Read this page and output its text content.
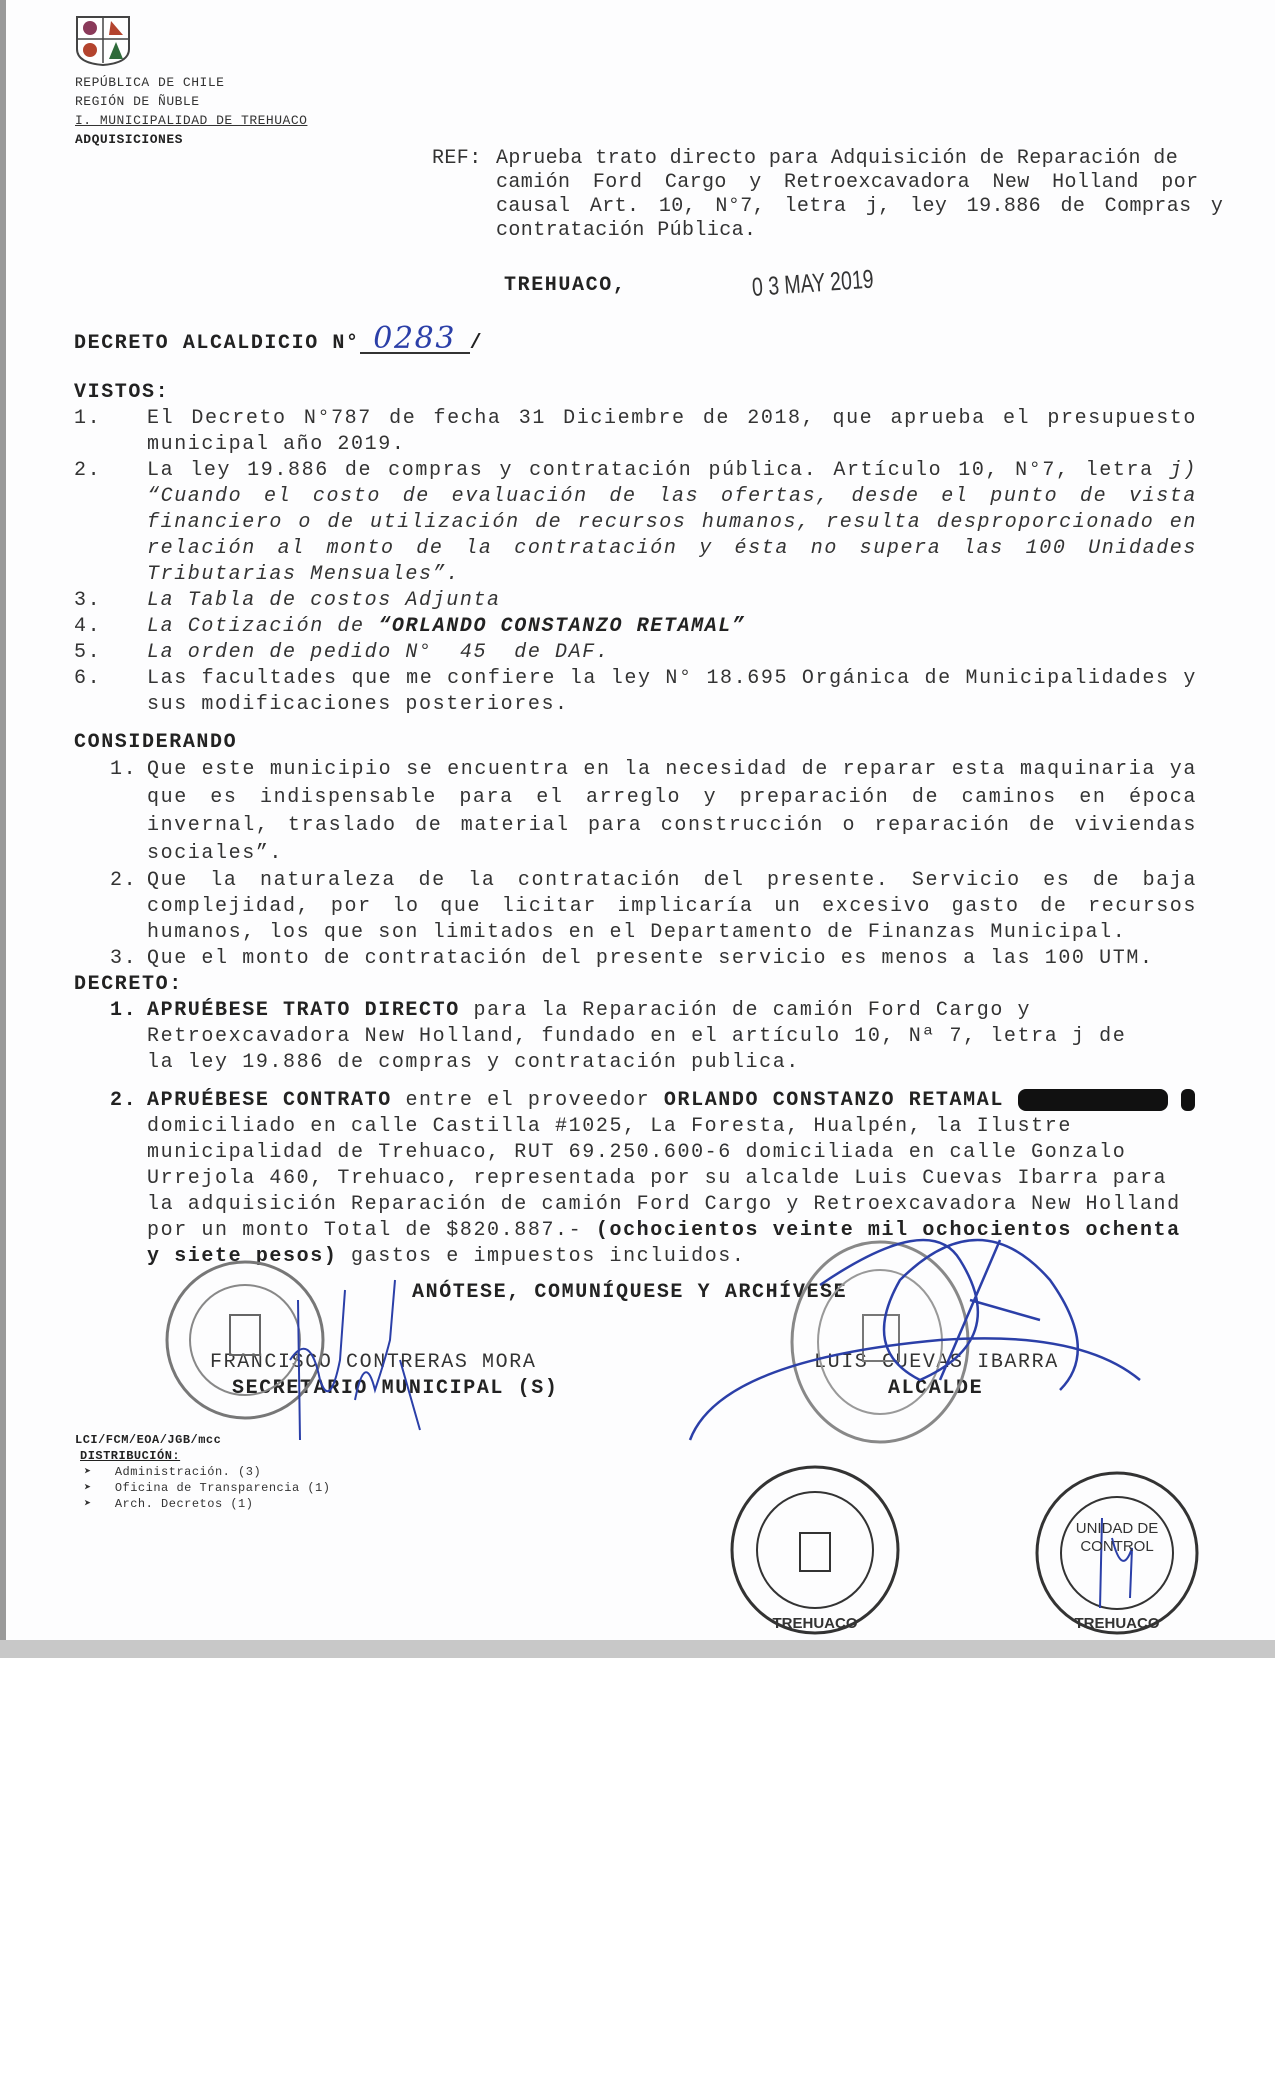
REPÚBLICA DE CHILE
REGIÓN DE ÑUBLE
I. MUNICIPALIDAD DE TREHUACO
ADQUISICIONES
REF: Aprueba trato directo para Adquisición de Reparación de
camión Ford Cargo y Retroexcavadora New Holland por
causal Art. 10, N°7, letra j, ley 19.886 de Compras y
contratación Pública.
TREHUACO,	0 3 MAY 2019
DECRETO ALCALDICIO N° 0283 /
VISTOS:
1. El Decreto N°787 de fecha 31 Diciembre de 2018, que aprueba el presupuesto municipal año 2019.
2. La ley 19.886 de compras y contratación pública. Artículo 10, N°7, letra j) “Cuando el costo de evaluación de las ofertas, desde el punto de vista financiero o de utilización de recursos humanos, resulta desproporcionado en relación al monto de la contratación y ésta no supera las 100 Unidades Tributarias Mensuales”.
3. La Tabla de costos Adjunta
4. La Cotización de “ORLANDO CONSTANZO RETAMAL”
5. La orden de pedido N°  45  de DAF.
6. Las facultades que me confiere la ley N° 18.695 Orgánica de Municipalidades y sus modificaciones posteriores.
CONSIDERANDO
1. Que este municipio se encuentra en la necesidad de reparar esta maquinaria ya que es indispensable para el arreglo y preparación de caminos en época invernal, traslado de material para construcción o reparación de viviendas sociales”.
2. Que la naturaleza de la contratación del presente. Servicio es de baja complejidad, por lo que licitar implicaría un excesivo gasto de recursos humanos, los que son limitados en el Departamento de Finanzas Municipal.
3. Que el monto de contratación del presente servicio es menos a las 100 UTM.
DECRETO:
1. APRUÉBESE TRATO DIRECTO para la Reparación de camión Ford Cargo y Retroexcavadora New Holland, fundado en el artículo 10, Nª 7, letra j de la ley 19.886 de compras y contratación publica.
2. APRUÉBESE CONTRATO entre el proveedor ORLANDO CONSTANZO RETAMAL   domiciliado en calle Castilla #1025, La Foresta, Hualpén, la Ilustre municipalidad de Trehuaco, RUT 69.250.600-6 domiciliada en calle Gonzalo Urrejola 460, Trehuaco, representada por su alcalde Luis Cuevas Ibarra para la adquisición Reparación de camión Ford Cargo y Retroexcavadora New Holland por un monto Total de $820.887.- (ochocientos veinte mil ochocientos ochenta y siete pesos) gastos e impuestos incluidos.
ANÓTESE, COMUNÍQUESE Y ARCHÍVESE
FRANCISCO CONTRERAS MORA
SECRETARIO MUNICIPAL (S)
LUIS CUEVAS IBARRA
ALCALDE
LCI/FCM/EOA/JGB/mcc
DISTRIBUCIÓN:
➤   Administración. (3)
➤   Oficina de Transparencia (1)
➤   Arch. Decretos (1)
TREHUACO	TREHUACO
UNIDAD DE CONTROL
